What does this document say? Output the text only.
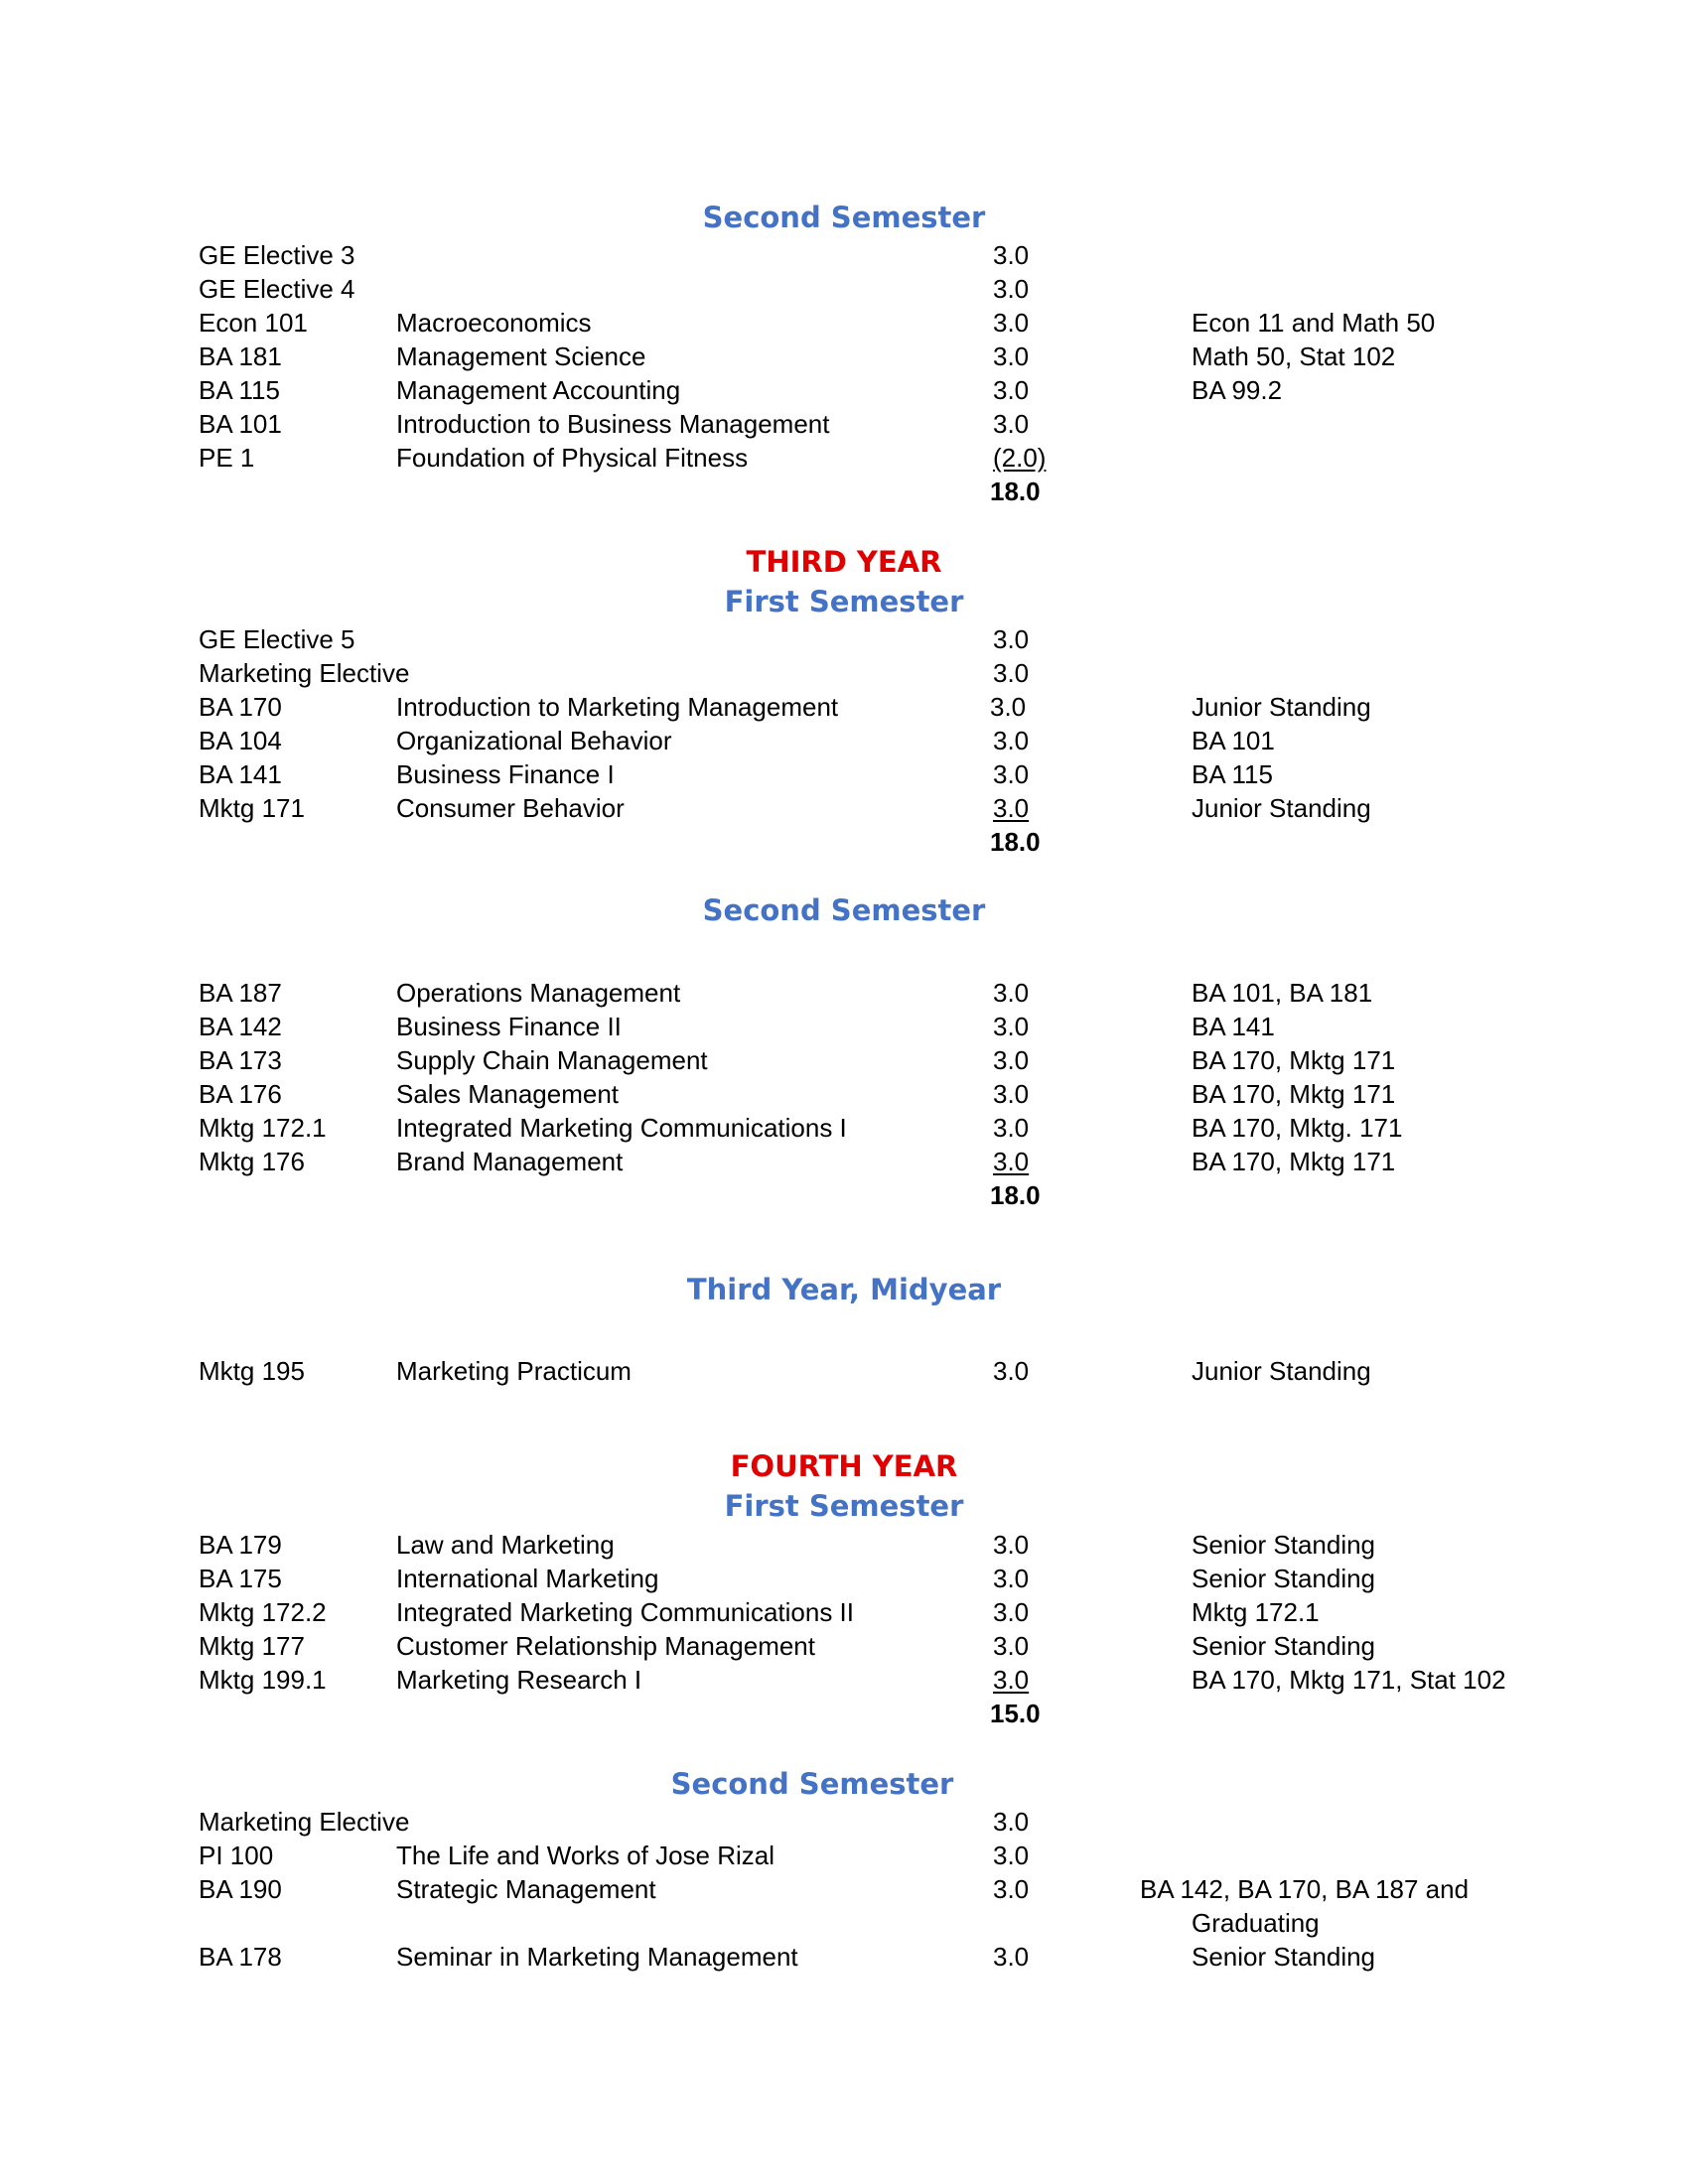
Second Semester
GE Elective 3	3.0
GE Elective 4	3.0
Econ 101	Macroeconomics	3.0	Econ 11 and Math 50
BA 181	Management Science	3.0	Math 50, Stat 102
BA 115	Management Accounting	3.0	BA 99.2
BA 101	Introduction to Business Management	3.0
PE 1	Foundation of Physical Fitness	(2.0)
18.0
THIRD YEAR
First Semester
GE Elective 5	3.0
Marketing Elective	3.0
BA 170	Introduction to Marketing Management	3.0	Junior Standing
BA 104	Organizational Behavior	3.0	BA 101
BA 141	Business Finance I	3.0	BA 115
Mktg 171	Consumer Behavior	3.0	Junior Standing
18.0
Second Semester
BA 187	Operations Management	3.0	BA 101, BA 181
BA 142	Business Finance II	3.0	BA 141
BA 173	Supply Chain Management	3.0	BA 170, Mktg 171
BA 176	Sales Management	3.0	BA 170, Mktg 171
Mktg 172.1	Integrated Marketing Communications I	3.0	BA 170, Mktg. 171
Mktg 176	Brand Management	3.0	BA 170, Mktg 171
18.0
Third Year, Midyear
Mktg 195	Marketing Practicum	3.0	Junior Standing
FOURTH YEAR
First Semester
BA 179	Law and Marketing	3.0	Senior Standing
BA 175	International Marketing	3.0	Senior Standing
Mktg 172.2	Integrated Marketing Communications II	3.0	Mktg 172.1
Mktg 177	Customer Relationship Management	3.0	Senior Standing
Mktg 199.1	Marketing Research I	3.0	BA 170, Mktg 171, Stat 102
15.0
Second Semester
Marketing Elective	3.0
PI 100	The Life and Works of Jose Rizal	3.0
BA 190	Strategic Management	3.0	BA 142, BA 170, BA 187 and
Graduating
BA 178	Seminar in Marketing Management	3.0	Senior Standing
